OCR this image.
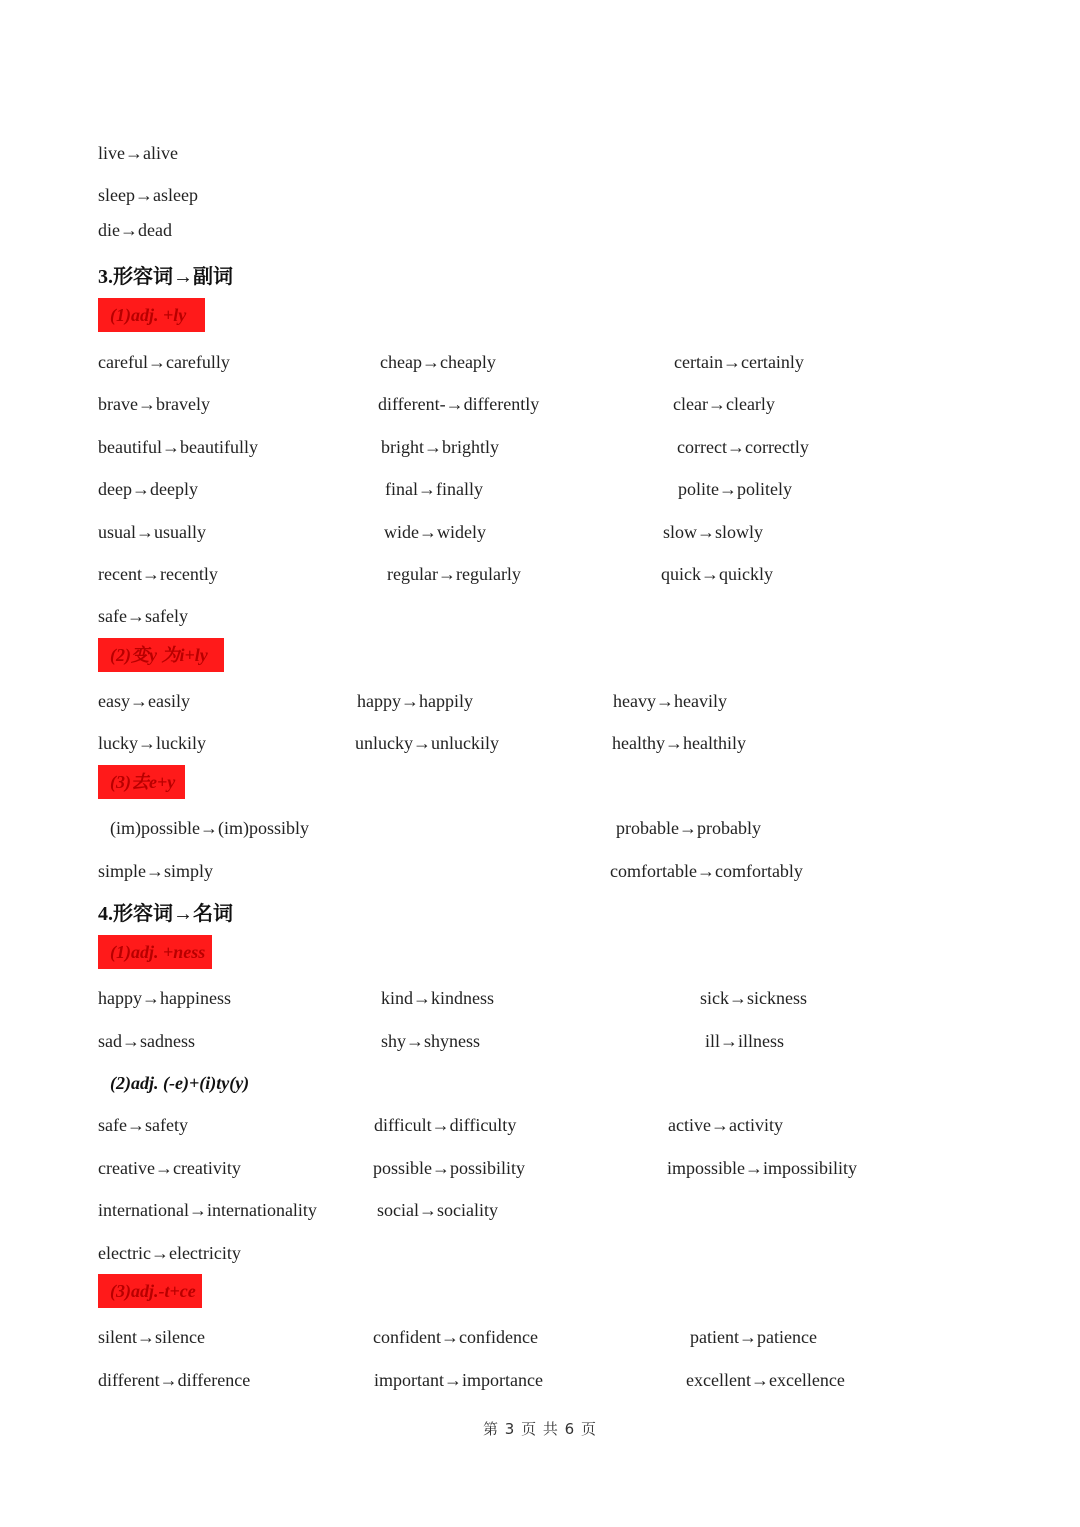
live→alive
sleep→asleep
die→dead
3.形容词→副词
(1)adj. +ly
careful→carefully	cheap→cheaply	certain→certainly
brave→bravely	different-→differently	clear→clearly
beautiful→beautifully	bright→brightly	correct→correctly
deep→deeply	final→finally	polite→politely
usual→usually	wide→widely	slow→slowly
recent→recently	regular→regularly	quick→quickly
safe→safely
(2)变y 为i+ly
easy→easily	happy→happily	heavy→heavily
lucky→luckily	unlucky→unluckily	healthy→healthily
(3)去e+y
(im)possible→(im)possibly	probable→probably
simple→simply	comfortable→comfortably
4.形容词→名词
(1)adj. +ness
happy→happiness	kind→kindness	sick→sickness
sad→sadness	shy→shyness	ill→illness
(2)adj. (-e)+(i)ty(y)
safe→safety	difficult→difficulty	active→activity
creative→creativity	possible→possibility	impossible→impossibility
international→internationality	social→sociality
electric→electricity
(3)adj.-t+ce
silent→silence	confident→confidence	patient→patience
different→difference	important→importance	excellent→excellence
第 3 页 共 6 页
